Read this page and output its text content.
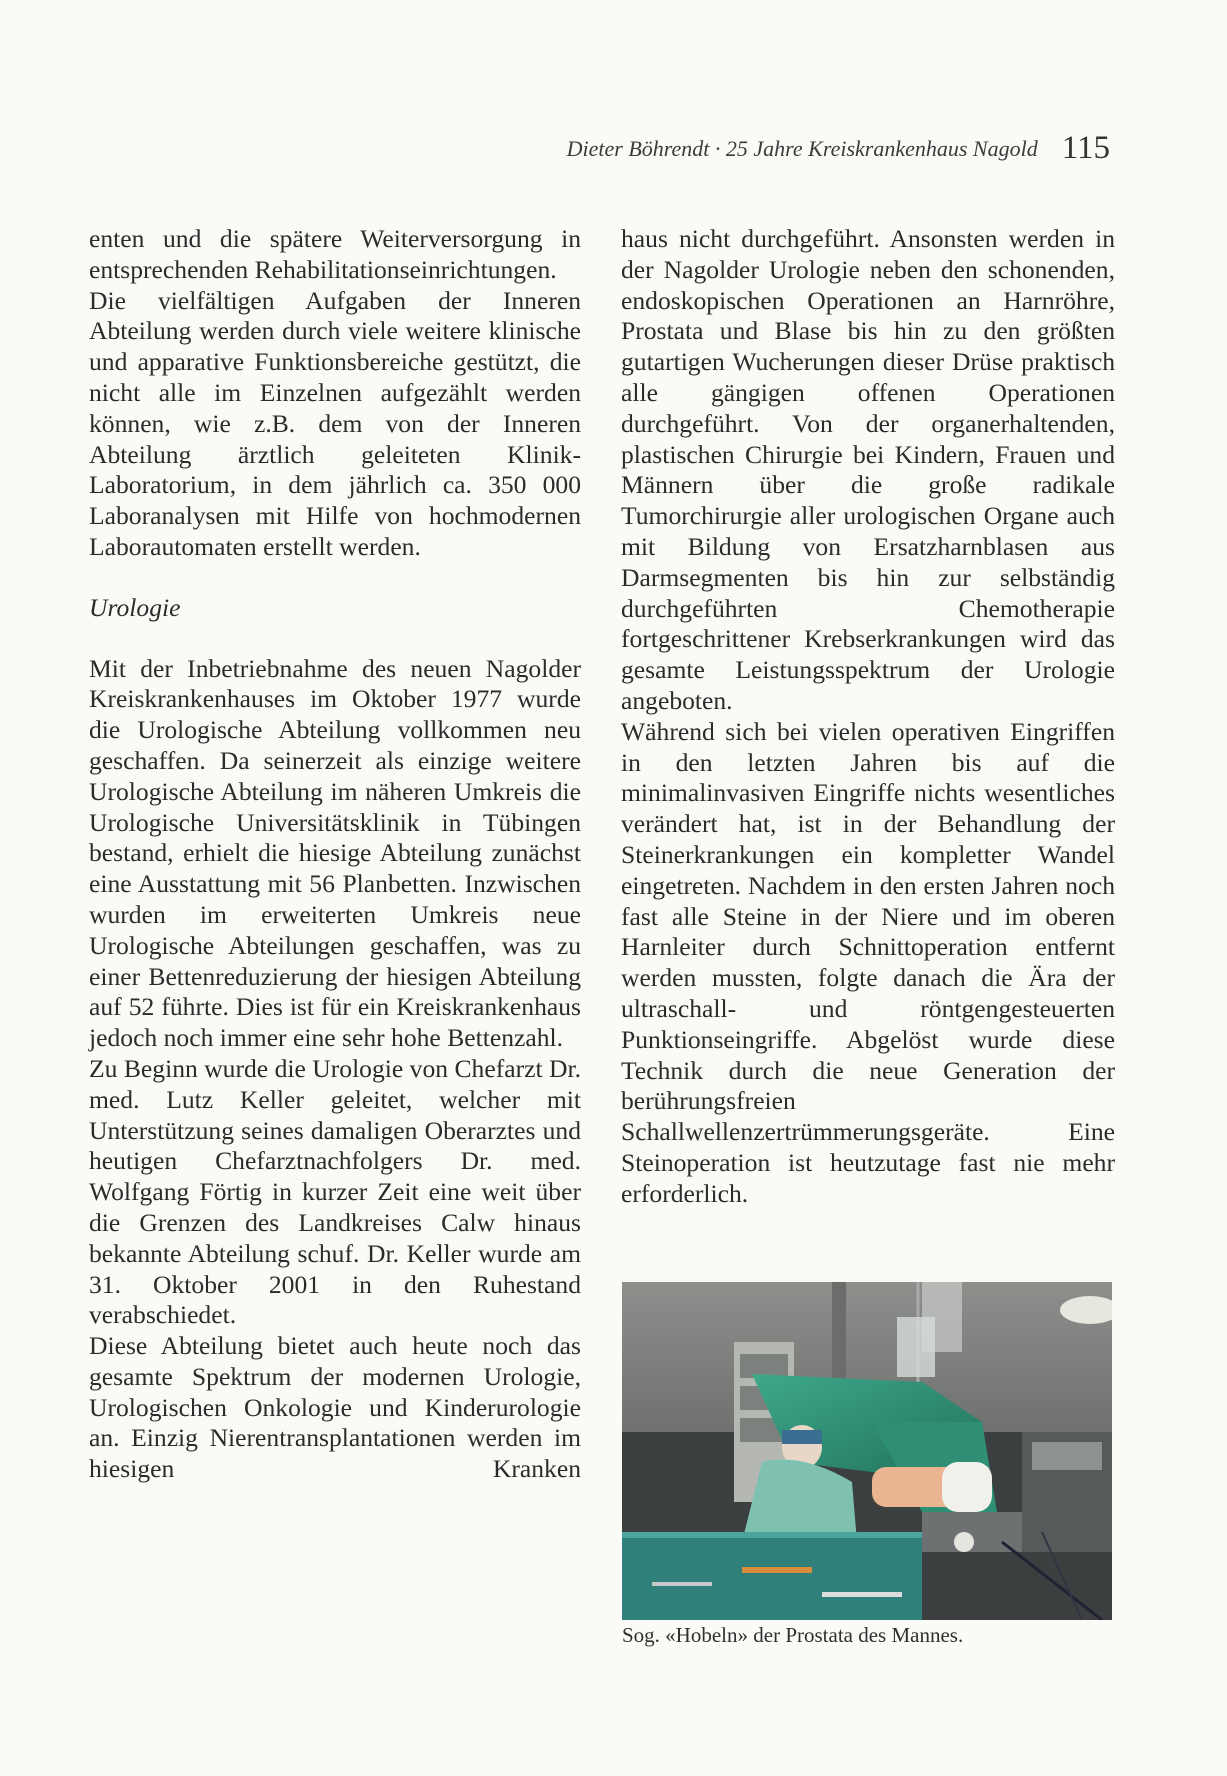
Dieter Böhrendt · 25 Jahre Kreiskrankenhaus Nagold 115

enten und die spätere Weiterversorgung in entsprechenden Rehabilitationseinrichtungen.

Die vielfältigen Aufgaben der Inneren Abteilung werden durch viele weitere klinische und apparative Funktionsbereiche gestützt, die nicht alle im Einzelnen aufgezählt werden können, wie z.B. dem von der Inneren Abteilung ärztlich geleiteten Klinik-Laboratorium, in dem jährlich ca. 350 000 Laboranalysen mit Hilfe von hochmodernen Laborautomaten erstellt werden.

Urologie

Mit der Inbetriebnahme des neuen Nagolder Kreiskrankenhauses im Oktober 1977 wurde die Urologische Abteilung vollkommen neu geschaffen. Da seinerzeit als einzige weitere Urologische Abteilung im näheren Umkreis die Urologische Universitätsklinik in Tübingen bestand, erhielt die hiesige Abteilung zunächst eine Ausstattung mit 56 Planbetten. Inzwischen wurden im erweiterten Umkreis neue Urologische Abteilungen geschaffen, was zu einer Bettenreduzierung der hiesigen Abteilung auf 52 führte. Dies ist für ein Kreiskrankenhaus jedoch noch immer eine sehr hohe Bettenzahl.

Zu Beginn wurde die Urologie von Chefarzt Dr. med. Lutz Keller geleitet, welcher mit Unterstützung seines damaligen Oberarztes und heutigen Chefarztnachfolgers Dr. med. Wolfgang Förtig in kurzer Zeit eine weit über die Grenzen des Landkreises Calw hinaus bekannte Abteilung schuf. Dr. Keller wurde am 31. Oktober 2001 in den Ruhestand verabschiedet.

Diese Abteilung bietet auch heute noch das gesamte Spektrum der modernen Urologie, Urologischen Onkologie und Kinderurologie an. Einzig Nierentransplantationen werden im hiesigen Kranken

haus nicht durchgeführt. Ansonsten werden in der Nagolder Urologie neben den schonenden, endoskopischen Operationen an Harnröhre, Prostata und Blase bis hin zu den größten gutartigen Wucherungen dieser Drüse praktisch alle gängigen offenen Operationen durchgeführt. Von der organerhaltenden, plastischen Chirurgie bei Kindern, Frauen und Männern über die große radikale Tumorchirurgie aller urologischen Organe auch mit Bildung von Ersatzharnblasen aus Darmsegmenten bis hin zur selbständig durchgeführten Chemotherapie fortgeschrittener Krebserkrankungen wird das gesamte Leistungsspektrum der Urologie angeboten.

Während sich bei vielen operativen Eingriffen in den letzten Jahren bis auf die minimalinvasiven Eingriffe nichts wesentliches verändert hat, ist in der Behandlung der Steinerkrankungen ein kompletter Wandel eingetreten. Nachdem in den ersten Jahren noch fast alle Steine in der Niere und im oberen Harnleiter durch Schnittoperation entfernt werden mussten, folgte danach die Ära der ultraschall- und röntgengesteuerten Punktionseingriffe. Abgelöst wurde diese Technik durch die neue Generation der berührungsfreien Schallwellenzertrümmerungsgeräte. Eine Steinoperation ist heutzutage fast nie mehr erforderlich.

Sog. «Hobeln» der Prostata des Mannes.
